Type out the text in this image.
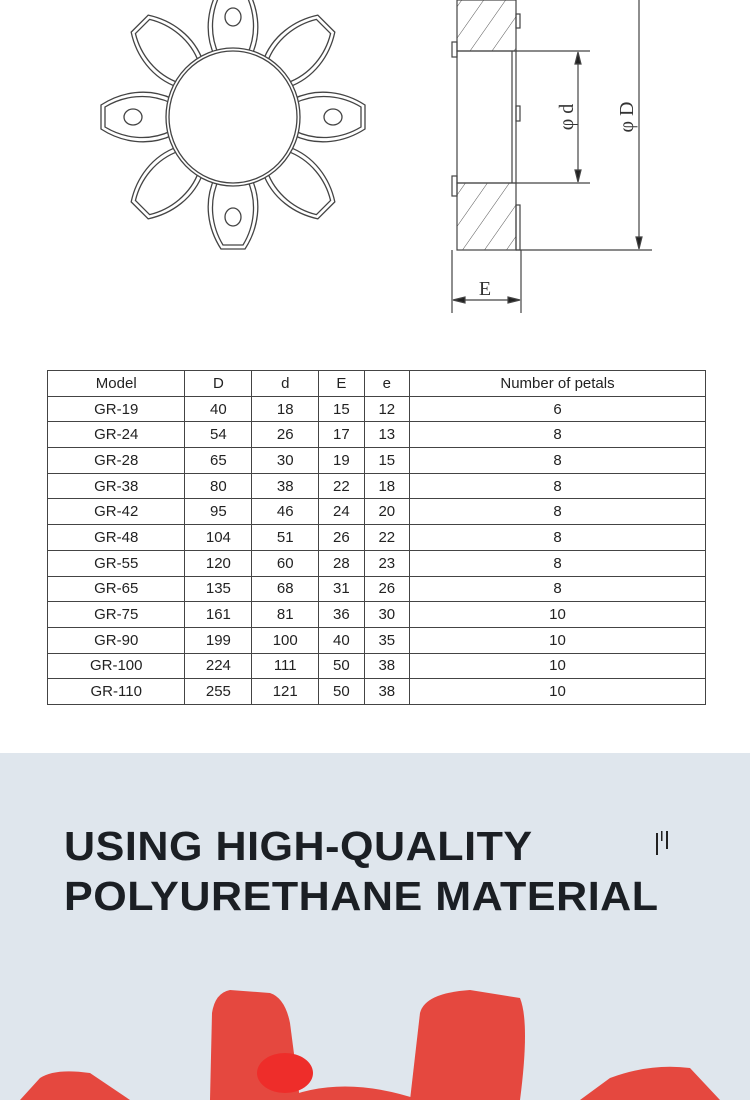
φ d φ D
E
Model	D	d	E	e	Number of petals
GR-19	40	18	15	12	6
GR-24	54	26	17	13	8
GR-28	65	30	19	15	8
GR-38	80	38	22	18	8
GR-42	95	46	24	20	8
GR-48	104	51	26	22	8
GR-55	120	60	28	23	8
GR-65	135	68	31	26	8
GR-75	161	81	36	30	10
GR-90	199	100	40	35	10
GR-100	224	111	50	38	10
GR-110	255	121	50	38	10
USING HIGH-QUALITY
POLYURETHANE MATERIAL
